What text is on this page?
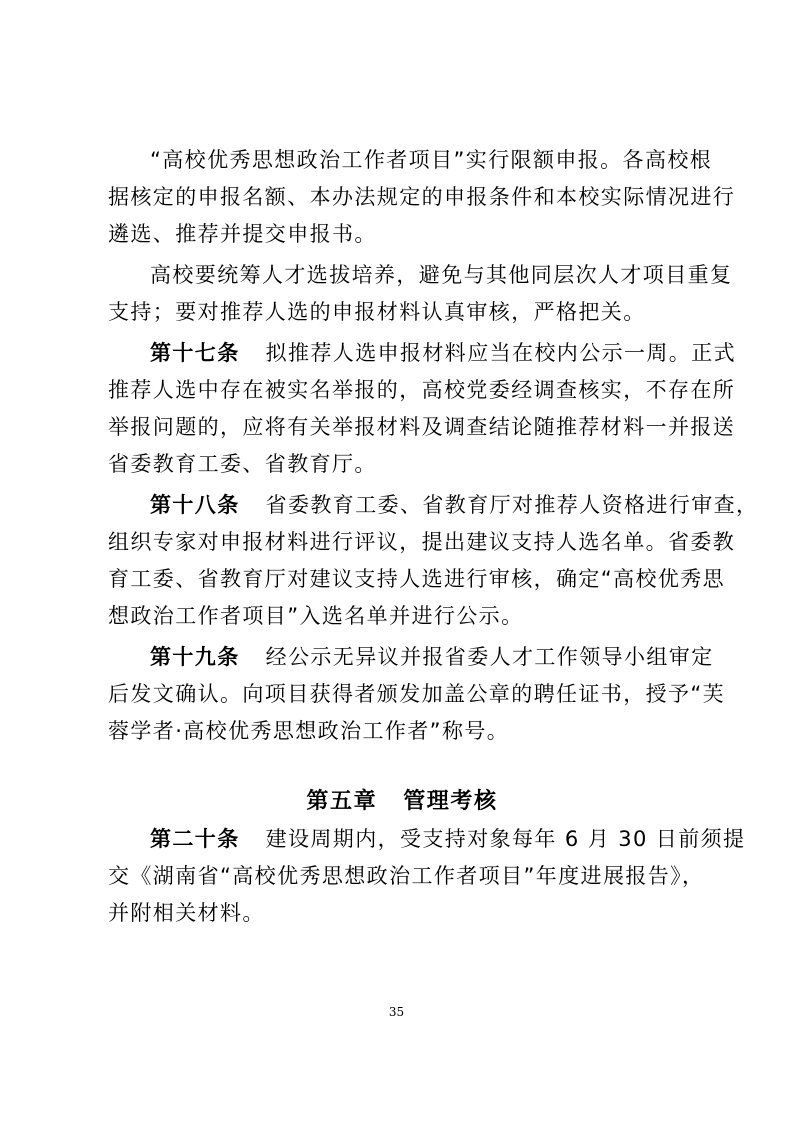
“高校优秀思想政治工作者项目”实行限额申报。各高校根
据核定的申报名额、本办法规定的申报条件和本校实际情况进行
遴选、推荐并提交申报书。

高校要统筹人才选拔培养，避免与其他同层次人才项目重复
支持；要对推荐人选的申报材料认真审核，严格把关。

第十七条 拟推荐人选申报材料应当在校内公示一周。正式
推荐人选中存在被实名举报的，高校党委经调查核实，不存在所
举报问题的，应将有关举报材料及调查结论随推荐材料一并报送
省委教育工委、省教育厅。

第十八条 省委教育工委、省教育厅对推荐人资格进行审查，
组织专家对申报材料进行评议，提出建议支持人选名单。省委教
育工委、省教育厅对建议支持人选进行审核，确定“高校优秀思
想政治工作者项目”入选名单并进行公示。

第十九条 经公示无异议并报省委人才工作领导小组审定
后发文确认。向项目获得者颁发加盖公章的聘任证书，授予“芙
蓉学者·高校优秀思想政治工作者”称号。

第五章 管理考核

第二十条 建设周期内，受支持对象每年 6 月 30 日前须提
交《湖南省“高校优秀思想政治工作者项目”年度进展报告》，
并附相关材料。

35
